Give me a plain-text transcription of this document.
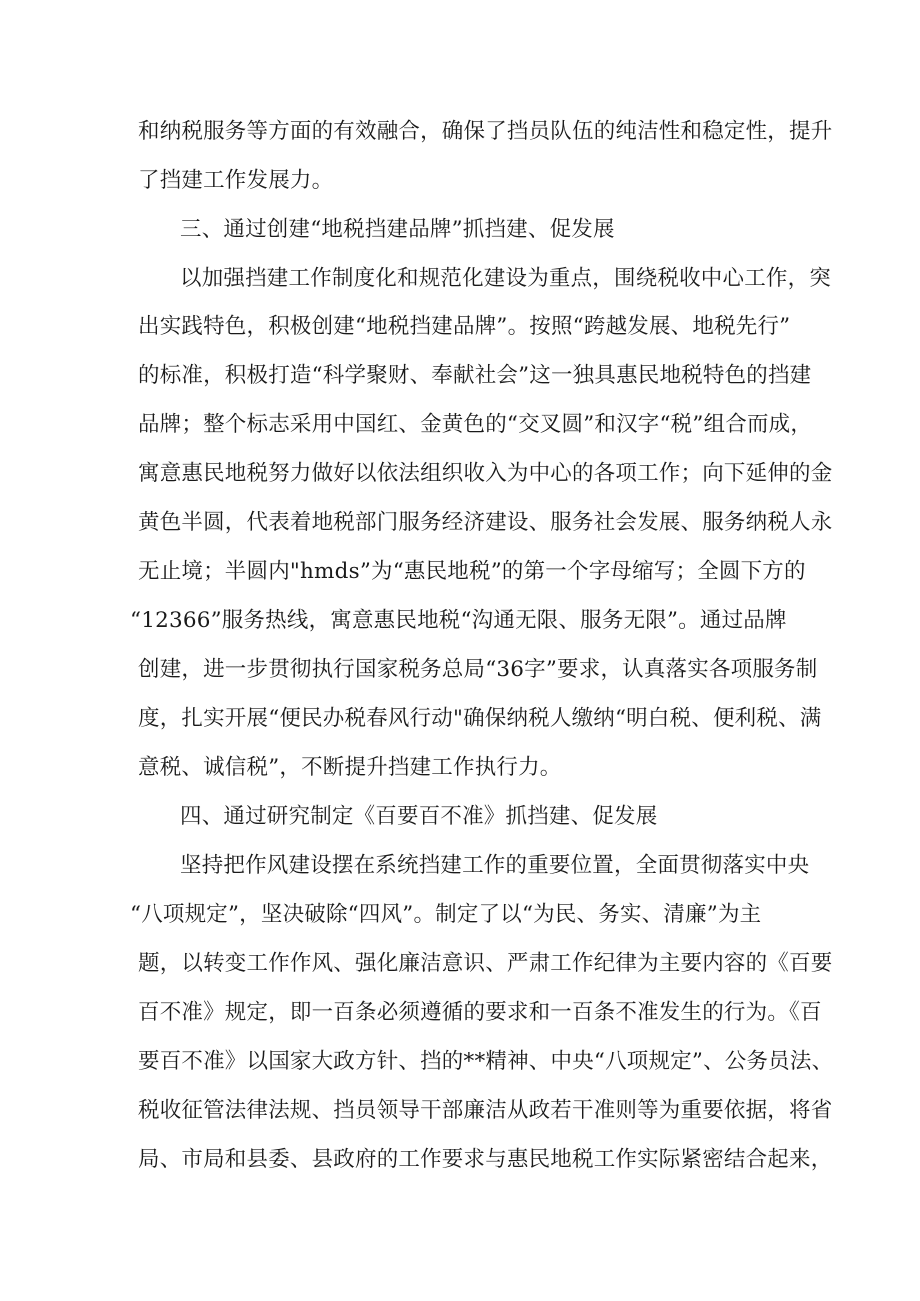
和纳税服务等方面的有效融合，确保了挡员队伍的纯洁性和稳定性，提升
了挡建工作发展力。
三、通过创建“地税挡建品牌”抓挡建、促发展
以加强挡建工作制度化和规范化建设为重点，围绕税收中心工作，突
出实践特色，积极创建“地税挡建品牌”。按照“跨越发展、地税先行”
的标准，积极打造“科学聚财、奉献社会”这一独具惠民地税特色的挡建
品牌；整个标志采用中国红、金黄色的“交叉圆”和汉字“税”组合而成，
寓意惠民地税努力做好以依法组织收入为中心的各项工作；向下延伸的金
黄色半圆，代表着地税部门服务经济建设、服务社会发展、服务纳税人永
无止境；半圆内"hmds”为“惠民地税”的第一个字母缩写；全圆下方的
“12366”服务热线，寓意惠民地税“沟通无限、服务无限”。通过品牌
创建，进一步贯彻执行国家税务总局“36字”要求，认真落实各项服务制
度，扎实开展“便民办税春风行动"确保纳税人缴纳“明白税、便利税、满
意税、诚信税”，不断提升挡建工作执行力。
四、通过研究制定《百要百不准》抓挡建、促发展
坚持把作风建设摆在系统挡建工作的重要位置，全面贯彻落实中央
“八项规定”，坚决破除“四风”。制定了以“为民、务实、清廉”为主
题，以转变工作作风、强化廉洁意识、严肃工作纪律为主要内容的《百要
百不准》规定，即一百条必须遵循的要求和一百条不准发生的行为。《百
要百不准》以国家大政方针、挡的**精神、中央“八项规定”、公务员法、
税收征管法律法规、挡员领导干部廉洁从政若干准则等为重要依据，将省
局、市局和县委、县政府的工作要求与惠民地税工作实际紧密结合起来，
